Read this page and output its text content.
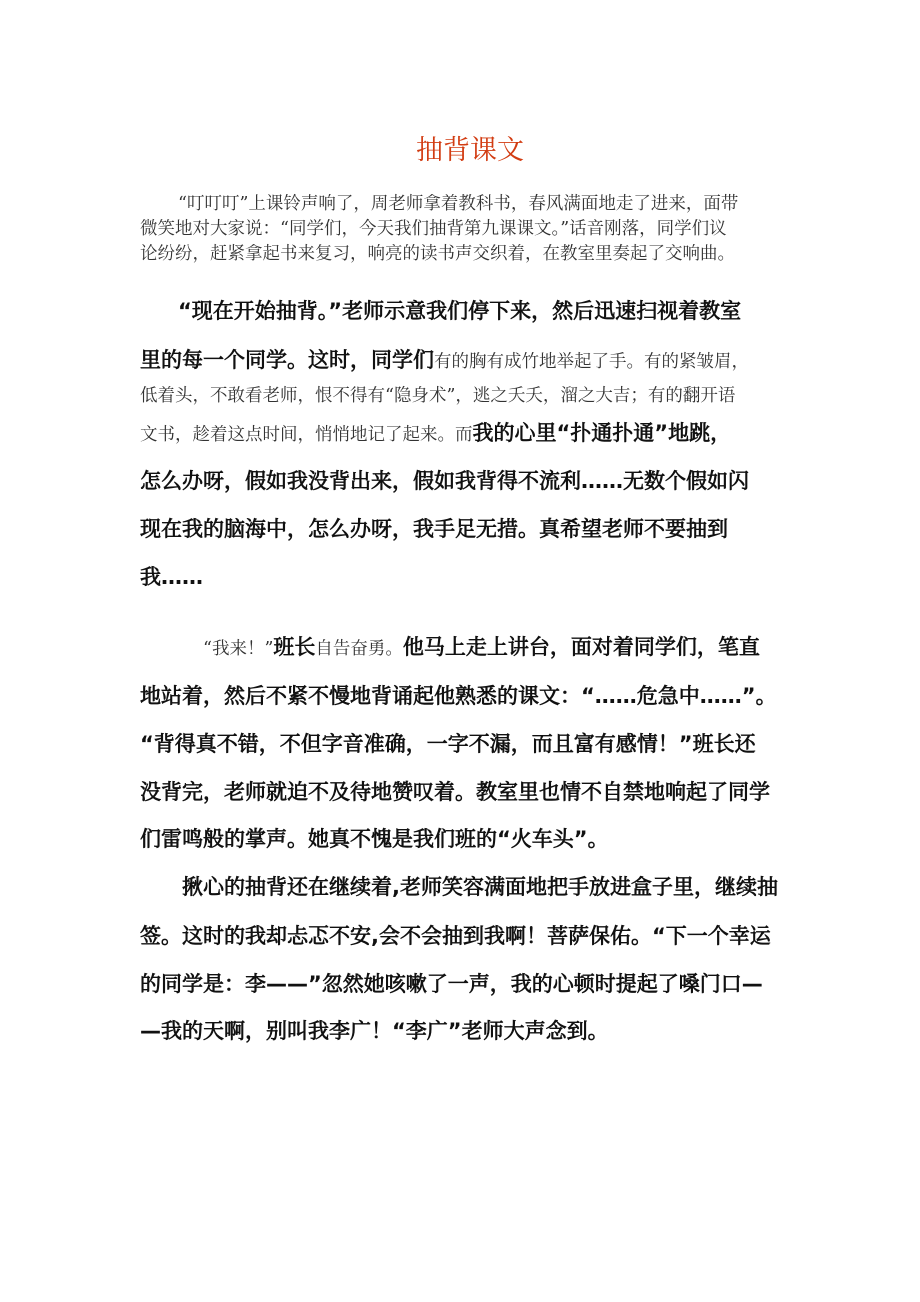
抽背课文
“叮叮叮”上课铃声响了，周老师拿着教科书，春风满面地走了进来，面带
微笑地对大家说：“同学们，今天我们抽背第九课课文。”话音刚落，同学们议
论纷纷，赶紧拿起书来复习，响亮的读书声交织着，在教室里奏起了交响曲。
“现在开始抽背。”老师示意我们停下来，然后迅速扫视着教室
里的每一个同学。这时，同学们有的胸有成竹地举起了手。有的紧皱眉，
低着头，不敢看老师，恨不得有“隐身术”，逃之夭夭，溜之大吉；有的翻开语
文书，趁着这点时间，悄悄地记了起来。而我的心里“扑通扑通”地跳，
怎么办呀，假如我没背出来，假如我背得不流利……无数个假如闪
现在我的脑海中，怎么办呀，我手足无措。真希望老师不要抽到
我……
“我来！”班长自告奋勇。他马上走上讲台，面对着同学们，笔直
地站着，然后不紧不慢地背诵起他熟悉的课文：“……危急中……”。
“背得真不错，不但字音准确，一字不漏，而且富有感情！”班长还
没背完，老师就迫不及待地赞叹着。教室里也情不自禁地响起了同学
们雷鸣般的掌声。她真不愧是我们班的“火车头”。
揪心的抽背还在继续着,老师笑容满面地把手放进盒子里，继续抽
签。这时的我却忐忑不安,会不会抽到我啊！菩萨保佑。“下一个幸运
的同学是：李——”忽然她咳嗽了一声，我的心顿时提起了嗓门口—
—我的天啊，别叫我李广！“李广”老师大声念到。
